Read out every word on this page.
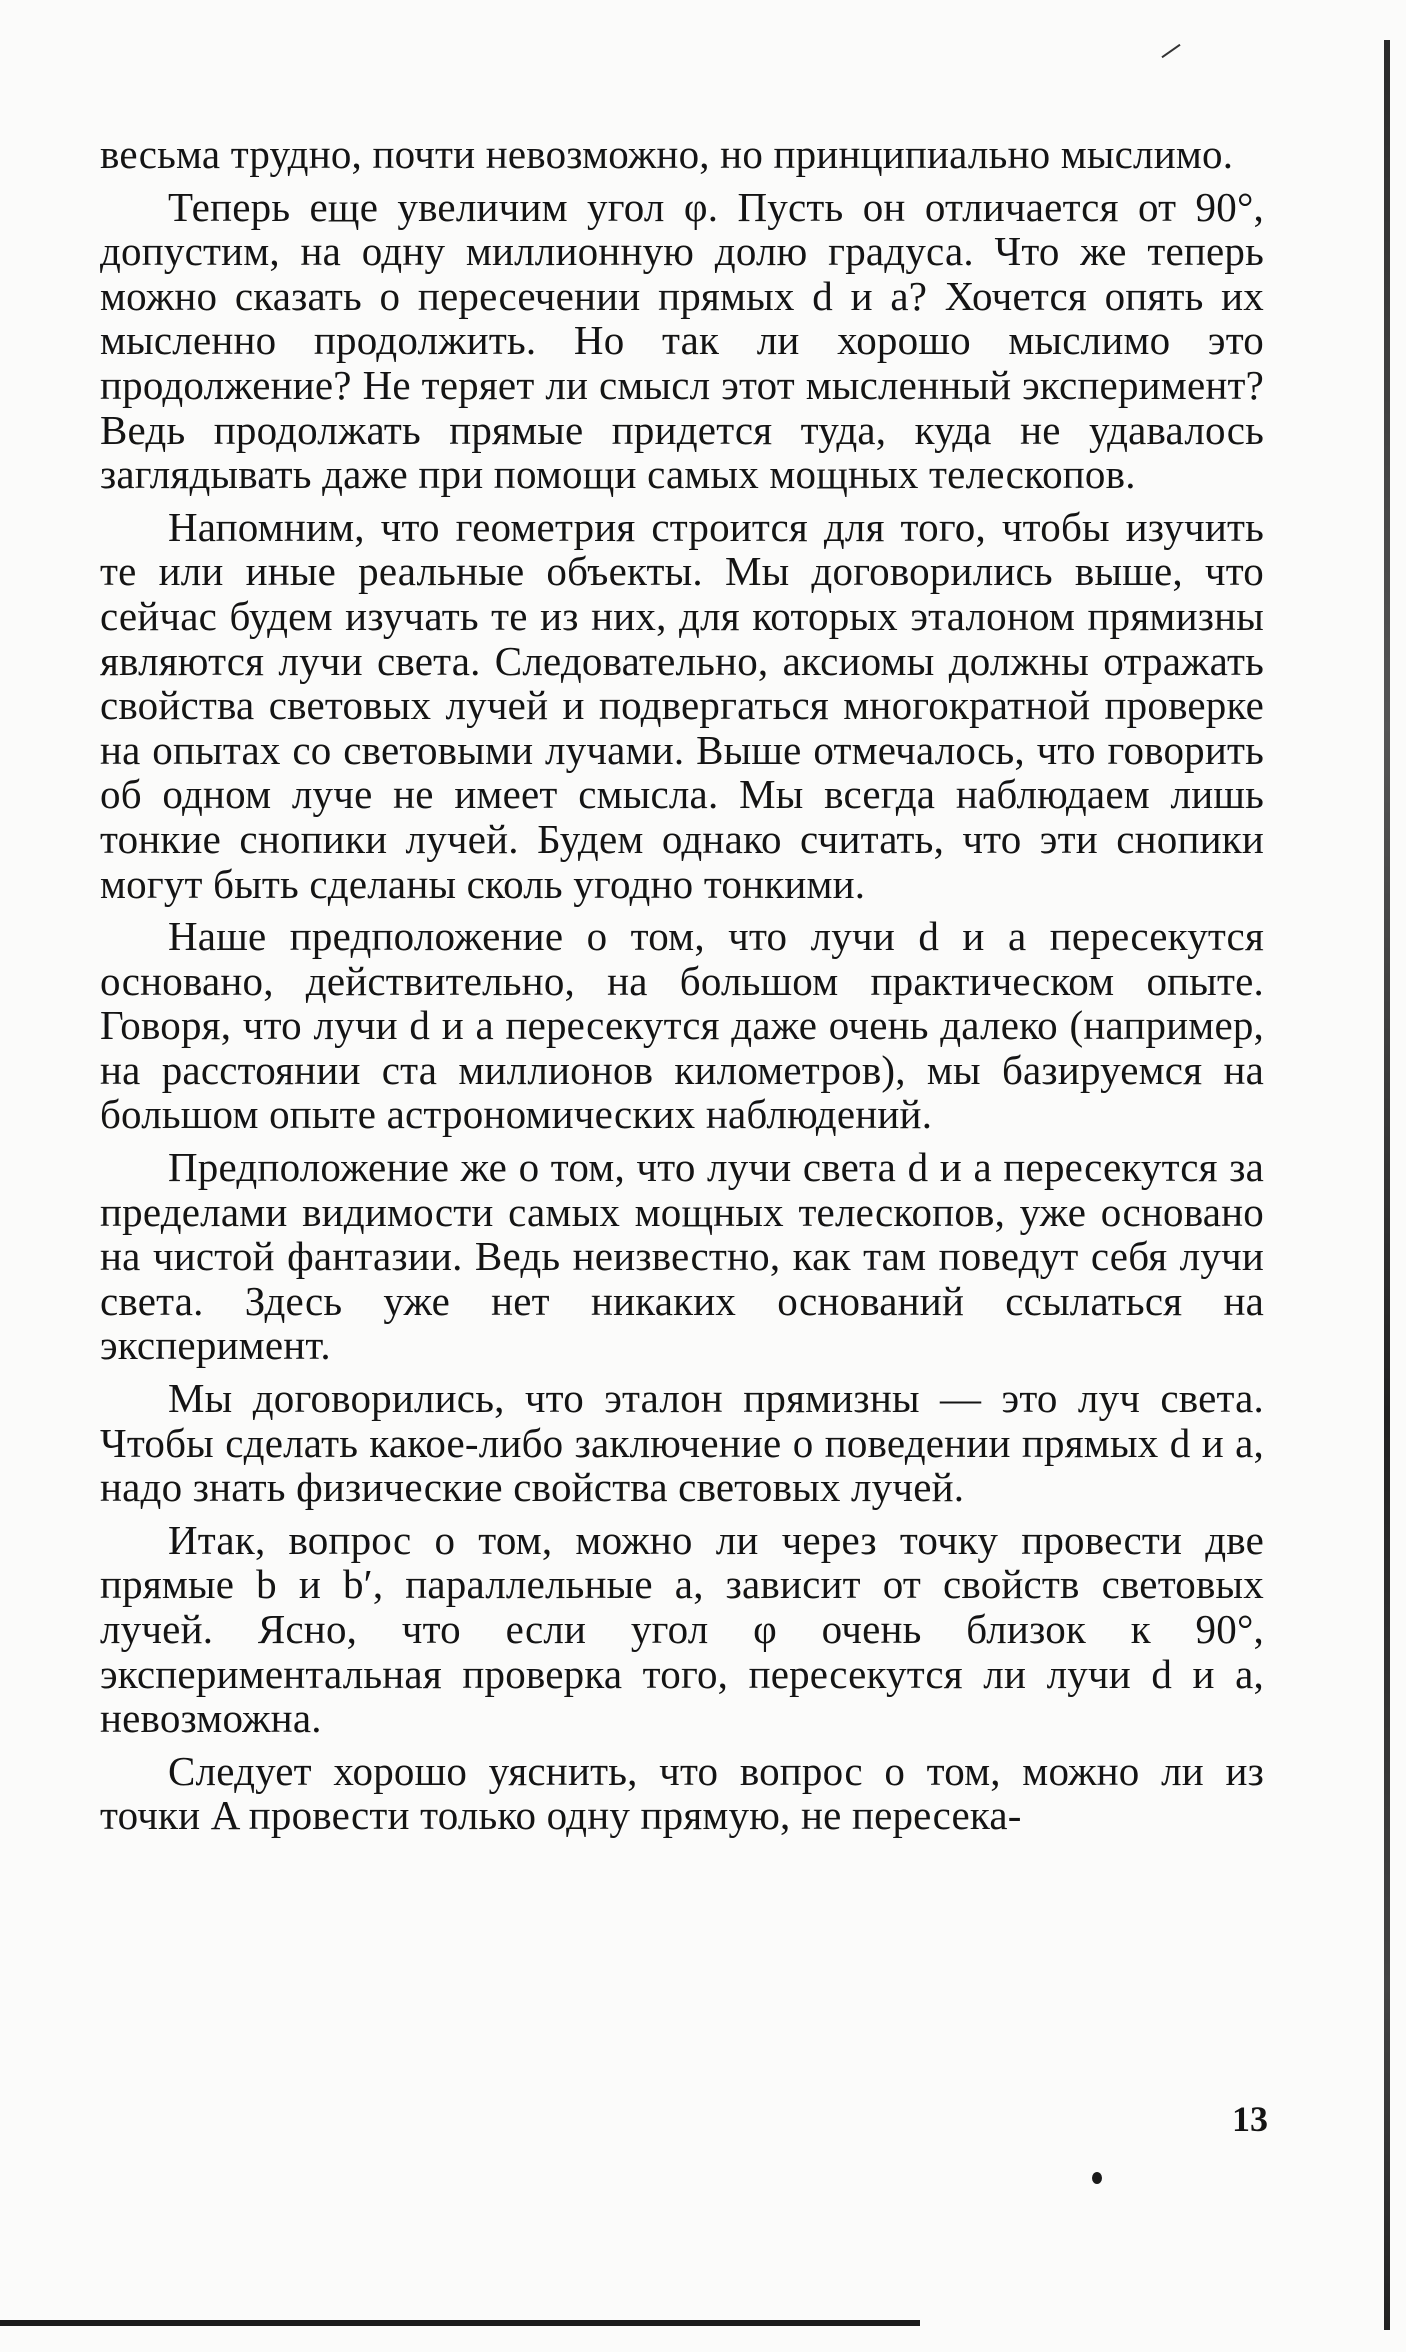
весьма трудно, почти невозможно, но принципиально мыслимо.

Теперь еще увеличим угол φ. Пусть он отличается от 90°, допустим, на одну миллионную долю градуса. Что же теперь можно сказать о пересечении прямых d и a? Хочется опять их мысленно продолжить. Но так ли хорошо мыслимо это продолжение? Не теряет ли смысл этот мысленный эксперимент? Ведь продолжать прямые придется туда, куда не удавалось заглядывать даже при помощи самых мощных телескопов.

Напомним, что геометрия строится для того, чтобы изучить те или иные реальные объекты. Мы договорились выше, что сейчас будем изучать те из них, для которых эталоном прямизны являются лучи света. Следовательно, аксиомы должны отражать свойства световых лучей и подвергаться многократной проверке на опытах со световыми лучами. Выше отмечалось, что говорить об одном луче не имеет смысла. Мы всегда наблюдаем лишь тонкие снопики лучей. Будем однако считать, что эти снопики могут быть сделаны сколь угодно тонкими.

Наше предположение о том, что лучи d и a пересекутся основано, действительно, на большом практическом опыте. Говоря, что лучи d и a пересекутся даже очень далеко (например, на расстоянии ста миллионов километров), мы базируемся на большом опыте астрономических наблюдений.

Предположение же о том, что лучи света d и a пересекутся за пределами видимости самых мощных телескопов, уже основано на чистой фантазии. Ведь неизвестно, как там поведут себя лучи света. Здесь уже нет никаких оснований ссылаться на эксперимент.

Мы договорились, что эталон прямизны — это луч света. Чтобы сделать какое-либо заключение о поведении прямых d и a, надо знать физические свойства световых лучей.

Итак, вопрос о том, можно ли через точку провести две прямые b и b′, параллельные a, зависит от свойств световых лучей. Ясно, что если угол φ очень близок к 90°, экспериментальная проверка того, пересекутся ли лучи d и a, невозможна.

Следует хорошо уяснить, что вопрос о том, можно ли из точки A провести только одну прямую, не пересека-

13
